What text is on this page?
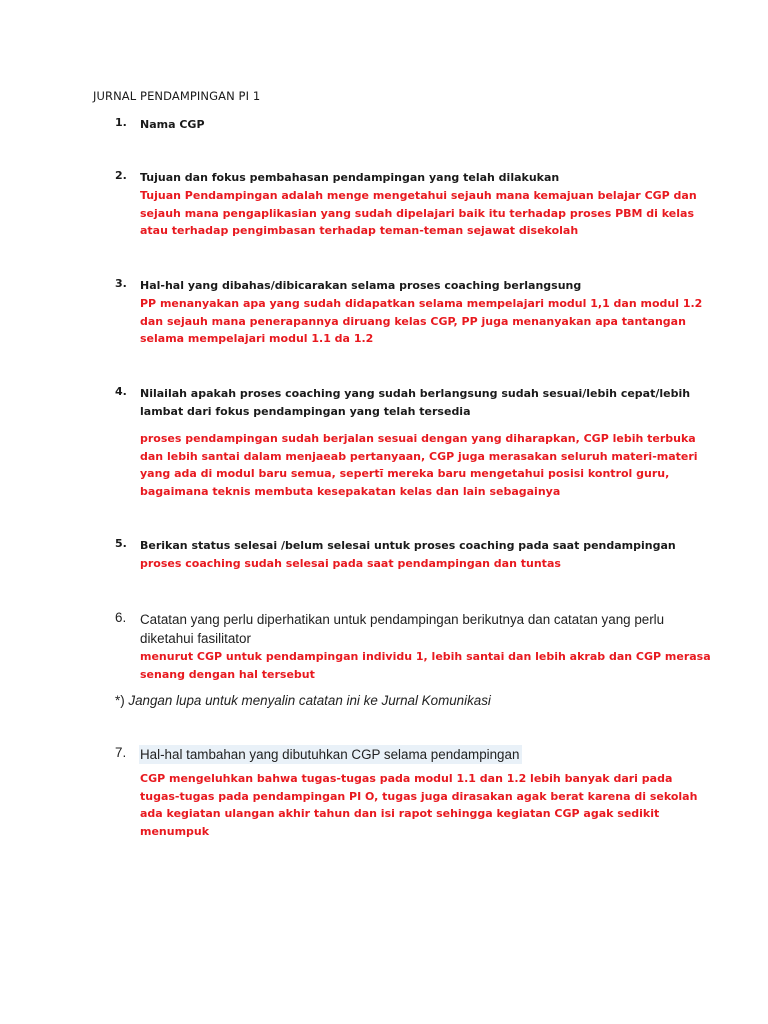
JURNAL PENDAMPINGAN PI 1
1.	Nama CGP
2.	Tujuan dan fokus pembahasan pendampingan yang telah dilakukan
Tujuan Pendampingan adalah menge mengetahui sejauh mana kemajuan belajar CGP dan sejauh mana pengaplikasian yang sudah dipelajari baik itu terhadap proses PBM di kelas atau terhadap pengimbasan terhadap teman-teman sejawat disekolah
3.	Hal-hal yang dibahas/dibicarakan selama proses coaching berlangsung
PP menanyakan apa yang sudah didapatkan selama mempelajari modul 1,1 dan modul 1.2 dan sejauh mana penerapannya diruang kelas CGP, PP juga menanyakan apa tantangan selama mempelajari modul 1.1 da 1.2
4.	Nilailah apakah proses coaching yang sudah berlangsung sudah sesuai/lebih cepat/lebih lambat dari fokus pendampingan yang telah tersedia
proses pendampingan sudah berjalan sesuai dengan yang diharapkan, CGP lebih terbuka dan lebih santai dalam menjaeab pertanyaan, CGP juga merasakan seluruh materi-materi yang ada di modul baru semua, sepertī mereka baru mengetahui posisi kontrol guru, bagaimana teknis membuta kesepakatan kelas dan lain sebagainya
5.	Berikan status selesai /belum selesai untuk proses coaching pada saat pendampingan
proses coaching sudah selesai pada saat pendampingan dan tuntas
6.	Catatan yang perlu diperhatikan untuk pendampingan berikutnya dan catatan yang perlu diketahui fasilitator
menurut CGP untuk pendampingan individu 1, lebih santai dan lebih akrab dan CGP merasa senang dengan hal tersebut
*) Jangan lupa untuk menyalin catatan ini ke Jurnal Komunikasi
7.	Hal-hal tambahan yang dibutuhkan CGP selama pendampingan
CGP mengeluhkan bahwa tugas-tugas pada modul 1.1 dan 1.2 lebih banyak dari pada tugas-tugas pada pendampingan PI O, tugas juga dirasakan agak berat karena di sekolah ada kegiatan ulangan akhir tahun dan isi rapot sehingga kegiatan CGP agak sedikit menumpuk
